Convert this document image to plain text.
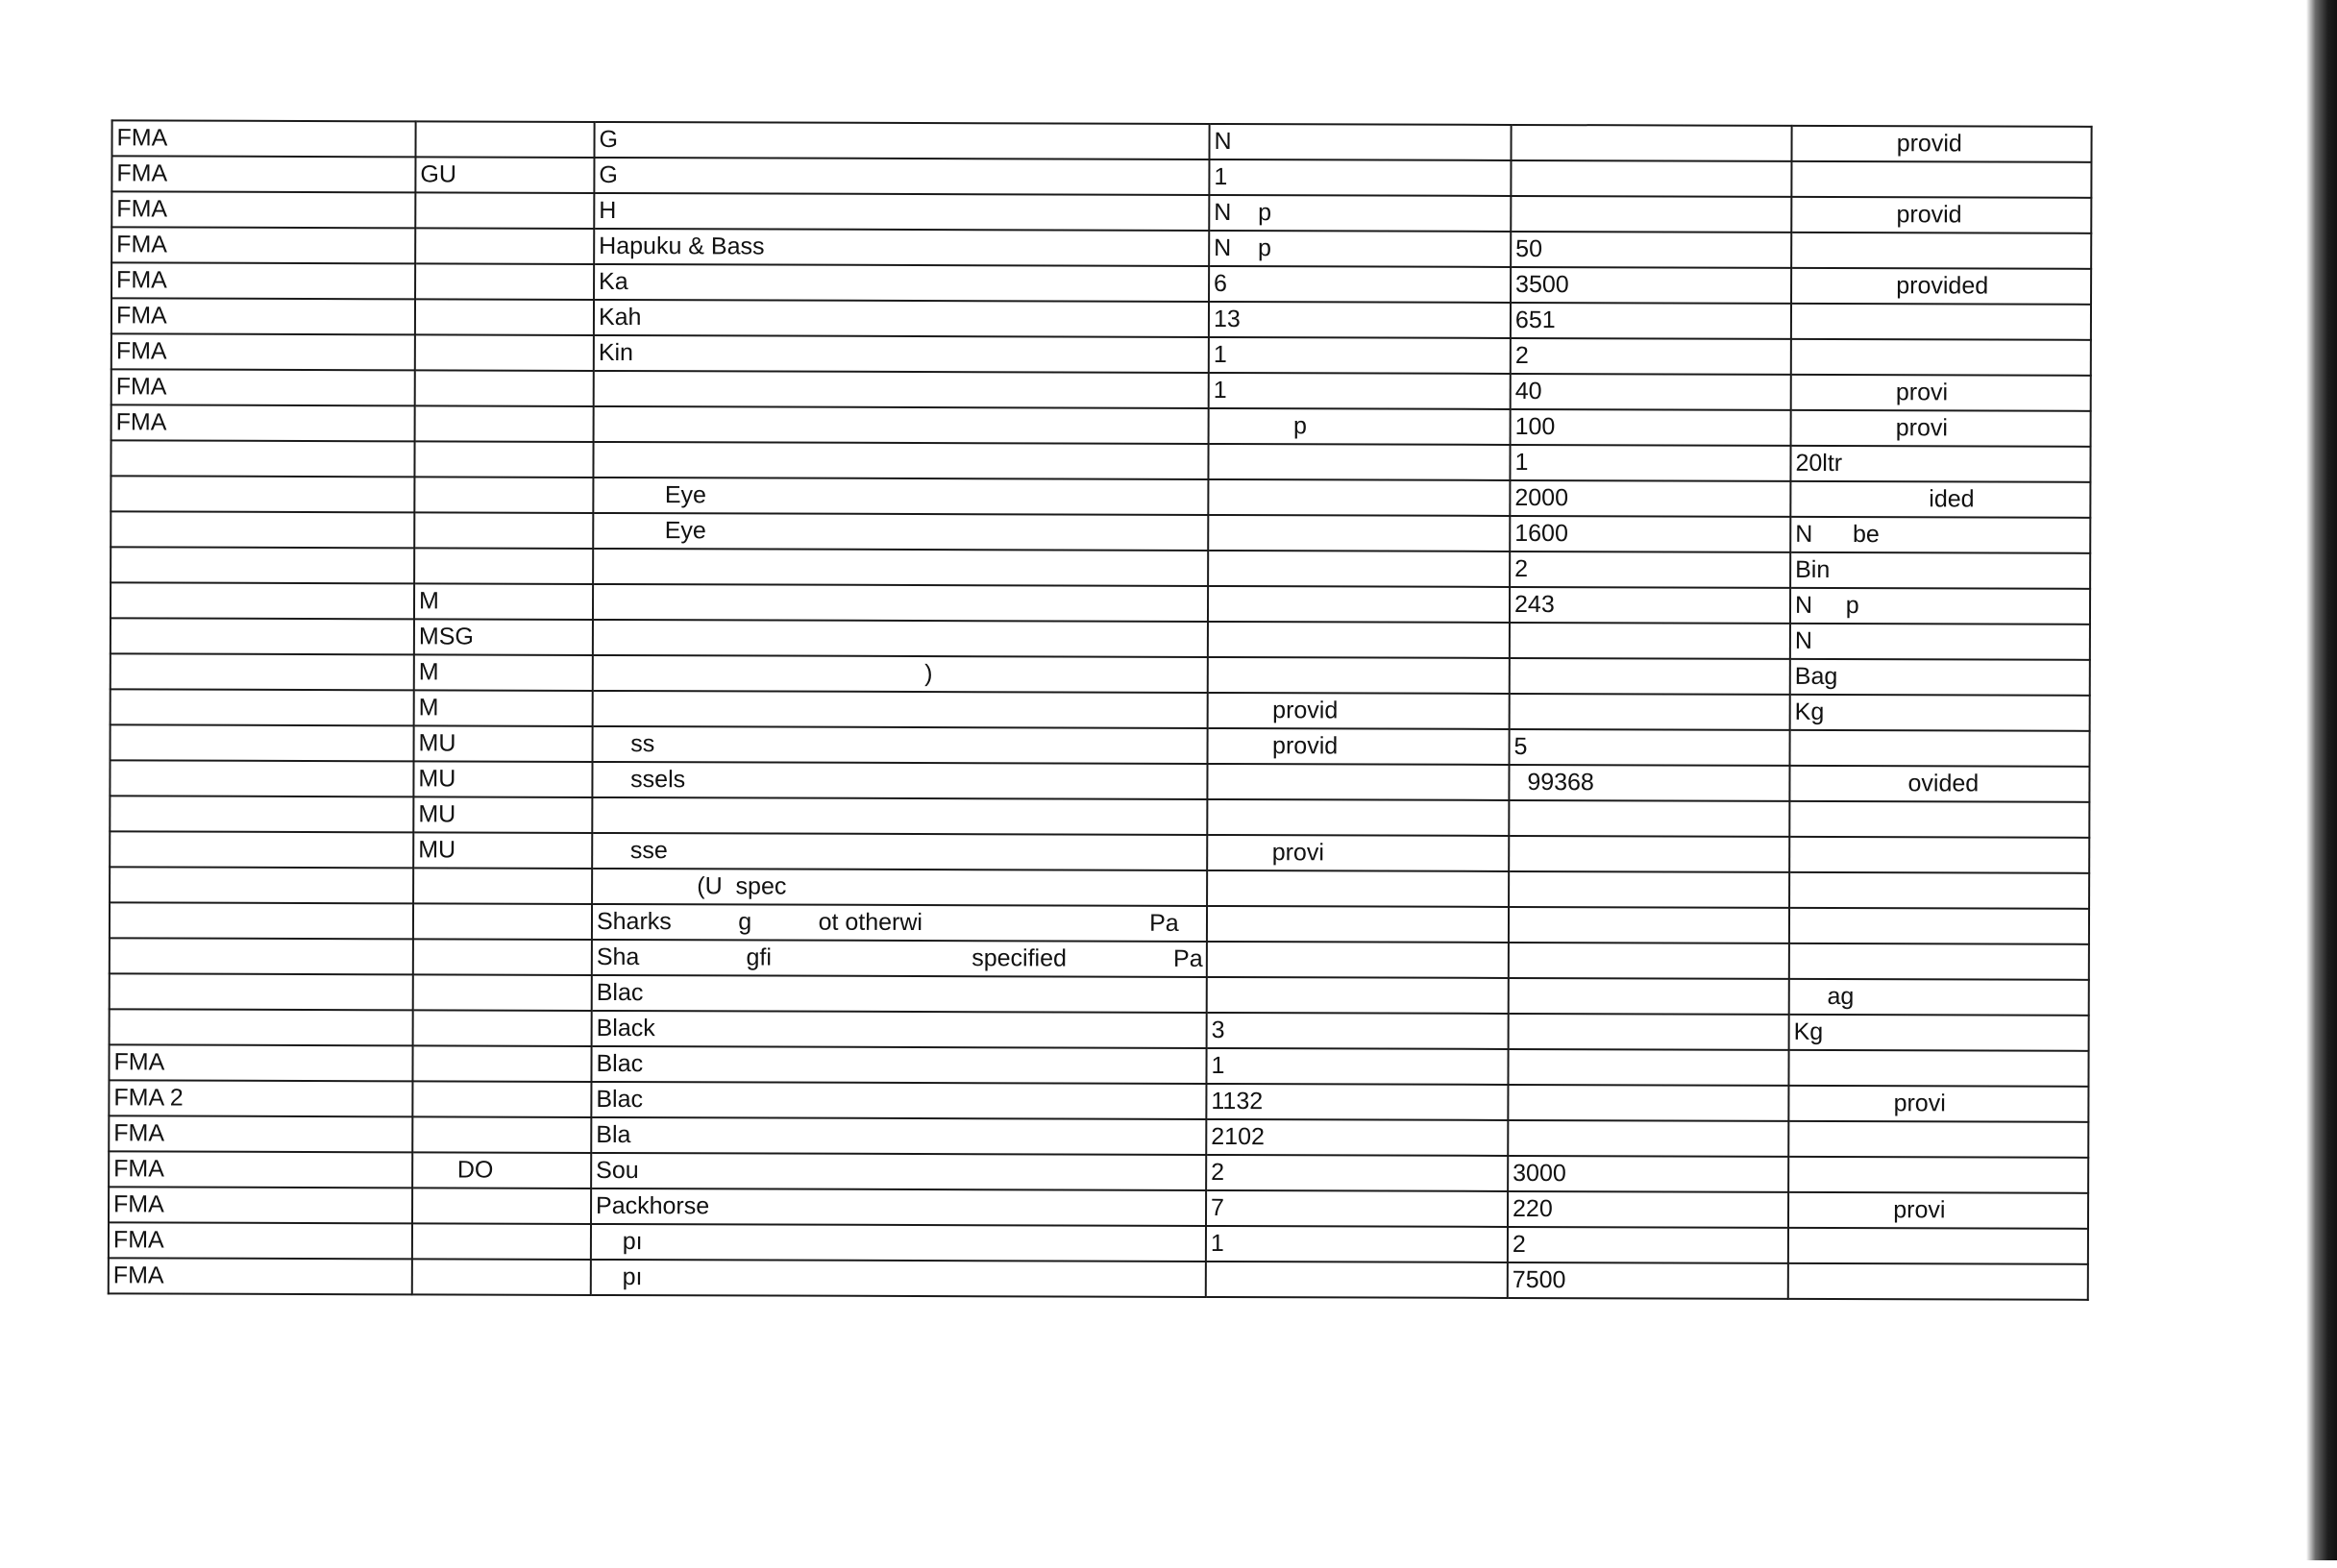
FMA		G	N		provid
FMA	GU	G	1		
FMA		H	N    p		provid
FMA		Hapuku & Bass	N    p	50	
FMA		Ka	6	3500	provided
FMA		Kah	13	651	
FMA		Kin	1	2	
FMA			1	40	provi
FMA			p	100	provi
				1	20ltr
		Eye		2000	ided
		Eye		1600	N      be
				2	Bin
	M			243	N     p
	MSG				N
	M	)			Bag
	M		provid		Kg
	MU	ss	provid	5	
	MU	ssels		99368	ovided
	MU				
	MU	sse	provi		
		(U  spec			
		Sharks          g          ot otherwi                                  Pa			
		Sha                gfi                              specified                Pa			
		Blac			ag
		Black	3		Kg
FMA		Blac	1		
FMA 2		Blac	1132		provi
FMA		Bla	2102		
FMA	DO	Sou	2	3000	
FMA		Packhorse	7	220	provi
FMA		pı	1	2	
FMA		pı		7500	
